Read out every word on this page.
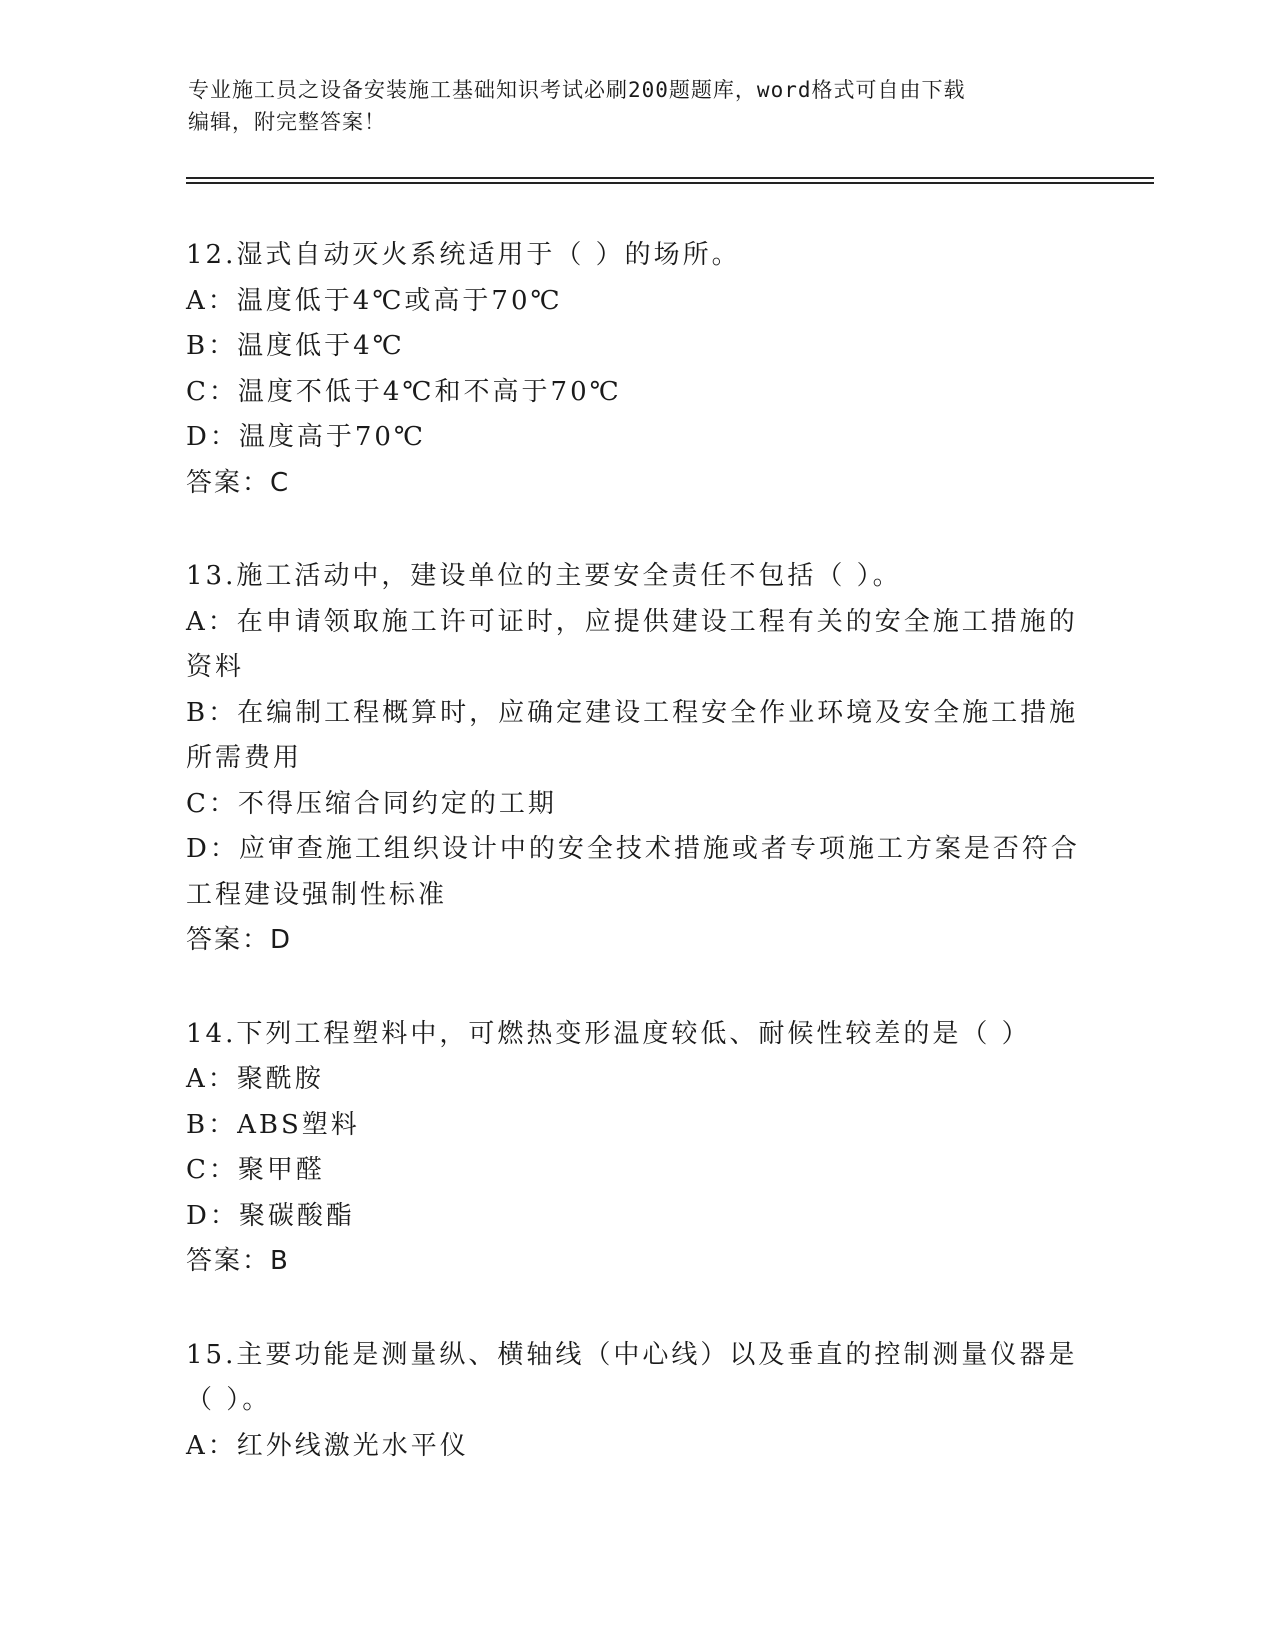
专业施工员之设备安装施工基础知识考试必刷200题题库，word格式可自由下载
编辑，附完整答案！
12.湿式自动灭火系统适用于（ ）的场所。
A：温度低于4℃或高于70℃
B：温度低于4℃
C：温度不低于4℃和不高于70℃
D：温度高于70℃
答案：C
13.施工活动中，建设单位的主要安全责任不包括（ ）。
A：在申请领取施工许可证时，应提供建设工程有关的安全施工措施的
资料
B：在编制工程概算时，应确定建设工程安全作业环境及安全施工措施
所需费用
C：不得压缩合同约定的工期
D：应审查施工组织设计中的安全技术措施或者专项施工方案是否符合
工程建设强制性标准
答案：D
14.下列工程塑料中，可燃热变形温度较低、耐候性较差的是（ ）
A：聚酰胺
B：ABS塑料
C：聚甲醛
D：聚碳酸酯
答案：B
15.主要功能是测量纵、横轴线（中心线）以及垂直的控制测量仪器是
（ ）。
A：红外线激光水平仪
